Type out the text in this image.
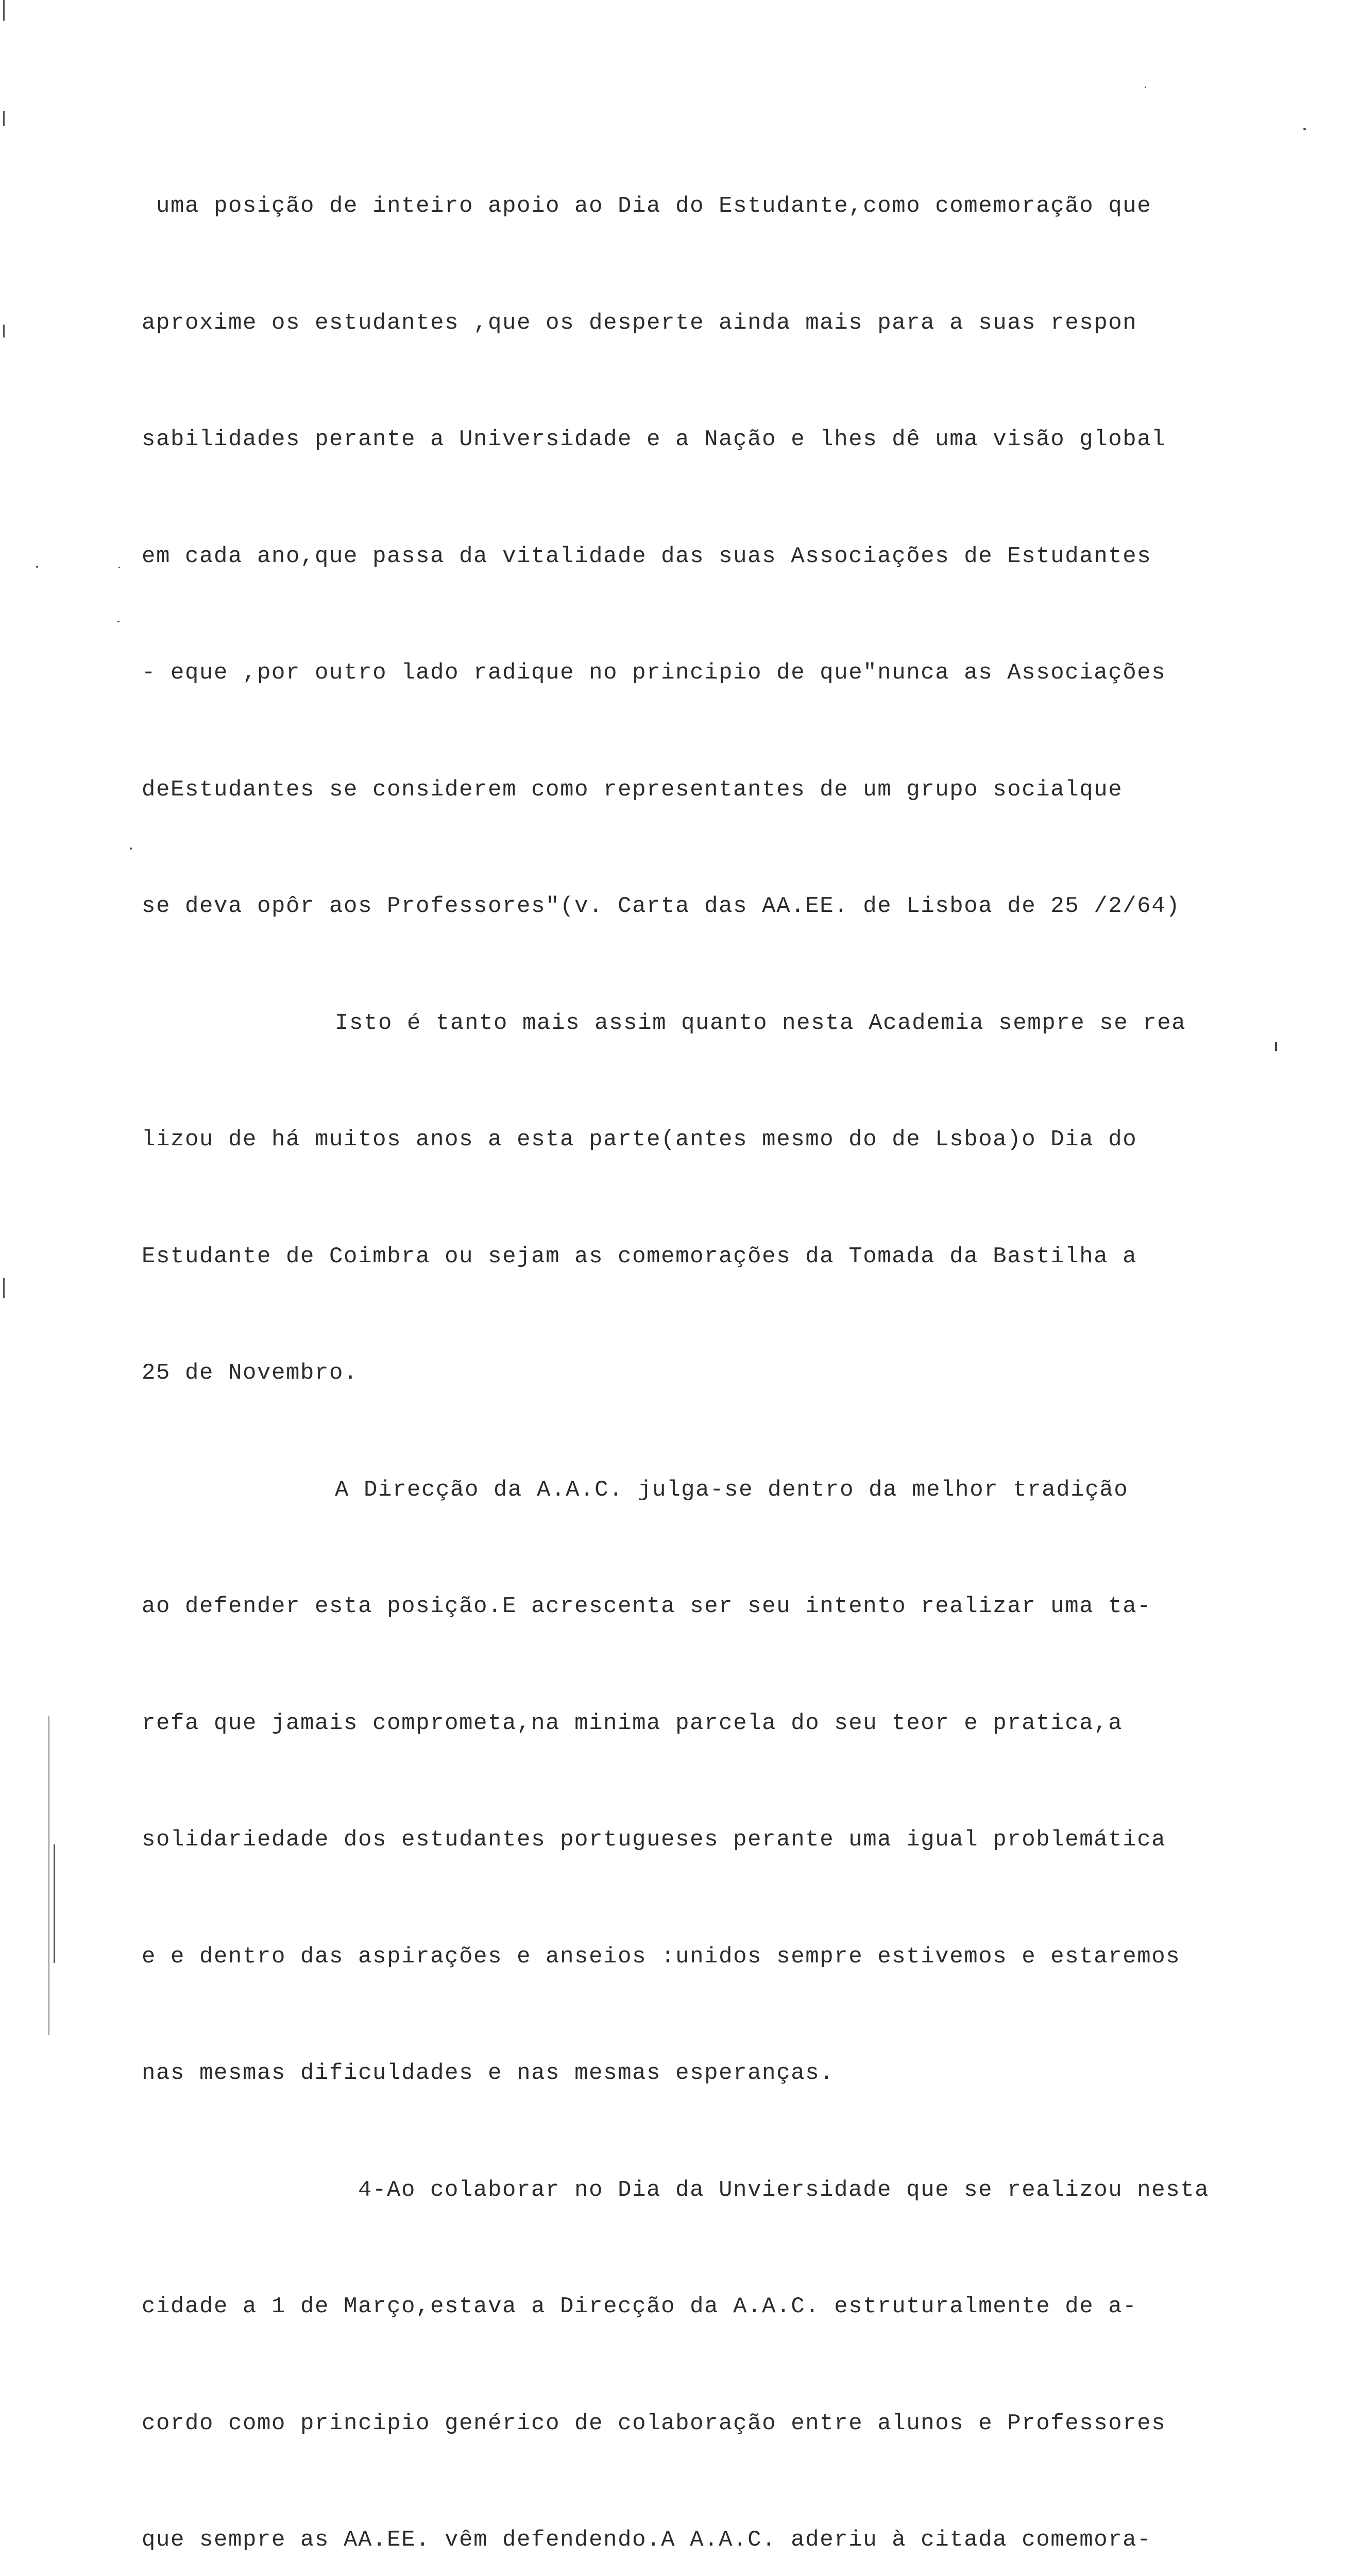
uma posição de inteiro apoio ao Dia do Estudante,como comemoração que

aproxime os estudantes ,que os desperte ainda mais para a suas respon

sabilidades perante a Universidade e a Nação e lhes dê uma visão global

em cada ano,que passa da vitalidade das suas Associações de Estudantes

- eque ,por outro lado radique no principio de que"nunca as Associações

deEstudantes se considerem como representantes de um grupo socialque

se deva opôr aos Professores"(v. Carta das AA.EE. de Lisboa de 25 /2/64)

Isto é tanto mais assim quanto nesta Academia sempre se rea

lizou de há muitos anos a esta parte(antes mesmo do de Lsboa)o Dia do

Estudante de Coimbra ou sejam as comemorações da Tomada da Bastilha a

25 de Novembro.

A Direcção da A.A.C. julga-se dentro da melhor tradição

ao defender esta posição.E acrescenta ser seu intento realizar uma ta-

refa que jamais comprometa,na minima parcela do seu teor e pratica,a

solidariedade dos estudantes portugueses perante uma igual problemática

e e dentro das aspirações e anseios :unidos sempre estivemos e estaremos

nas mesmas dificuldades e nas mesmas esperanças.

4-Ao colaborar no Dia da Unviersidade que se realizou nesta

cidade a 1 de Março,estava a Direcção da A.A.C. estruturalmente de a-

cordo como principio genérico de colaboração entre alunos e Professores

que sempre as AA.EE. vêm defendendo.A A.A.C. aderiu à citada comemora-
